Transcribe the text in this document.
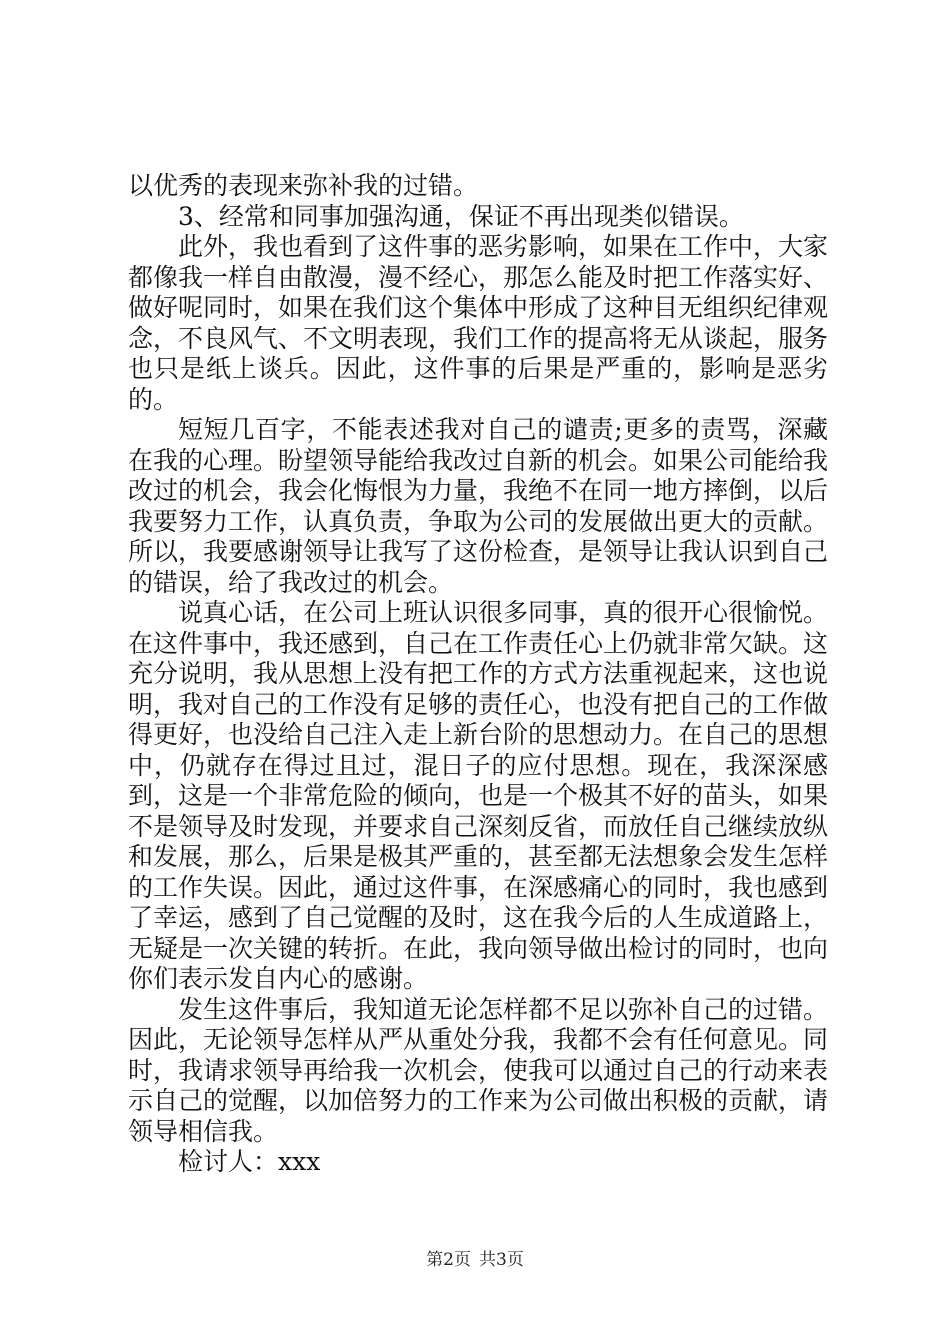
以优秀的表现来弥补我的过错。

3、经常和同事加强沟通，保证不再出现类似错误。

此外，我也看到了这件事的恶劣影响，如果在工作中，大家都像我一样自由散漫，漫不经心，那怎么能及时把工作落实好、做好呢同时，如果在我们这个集体中形成了这种目无组织纪律观念，不良风气、不文明表现，我们工作的提高将无从谈起，服务也只是纸上谈兵。因此，这件事的后果是严重的，影响是恶劣的。

短短几百字，不能表述我对自己的谴责;更多的责骂，深藏在我的心理。盼望领导能给我改过自新的机会。如果公司能给我改过的机会，我会化悔恨为力量，我绝不在同一地方摔倒，以后我要努力工作，认真负责，争取为公司的发展做出更大的贡献。所以，我要感谢领导让我写了这份检查，是领导让我认识到自己的错误，给了我改过的机会。

说真心话，在公司上班认识很多同事，真的很开心很愉悦。在这件事中，我还感到，自己在工作责任心上仍就非常欠缺。这充分说明，我从思想上没有把工作的方式方法重视起来，这也说明，我对自己的工作没有足够的责任心，也没有把自己的工作做得更好，也没给自己注入走上新台阶的思想动力。在自己的思想中，仍就存在得过且过，混日子的应付思想。现在，我深深感到，这是一个非常危险的倾向，也是一个极其不好的苗头，如果不是领导及时发现，并要求自己深刻反省，而放任自己继续放纵和发展，那么，后果是极其严重的，甚至都无法想象会发生怎样的工作失误。因此，通过这件事，在深感痛心的同时，我也感到了幸运，感到了自己觉醒的及时，这在我今后的人生成道路上，无疑是一次关键的转折。在此，我向领导做出检讨的同时，也向你们表示发自内心的感谢。

发生这件事后，我知道无论怎样都不足以弥补自己的过错。因此，无论领导怎样从严从重处分我，我都不会有任何意见。同时，我请求领导再给我一次机会，使我可以通过自己的行动来表示自己的觉醒，以加倍努力的工作来为公司做出积极的贡献，请领导相信我。

检讨人：xxx

第2页 共3页
